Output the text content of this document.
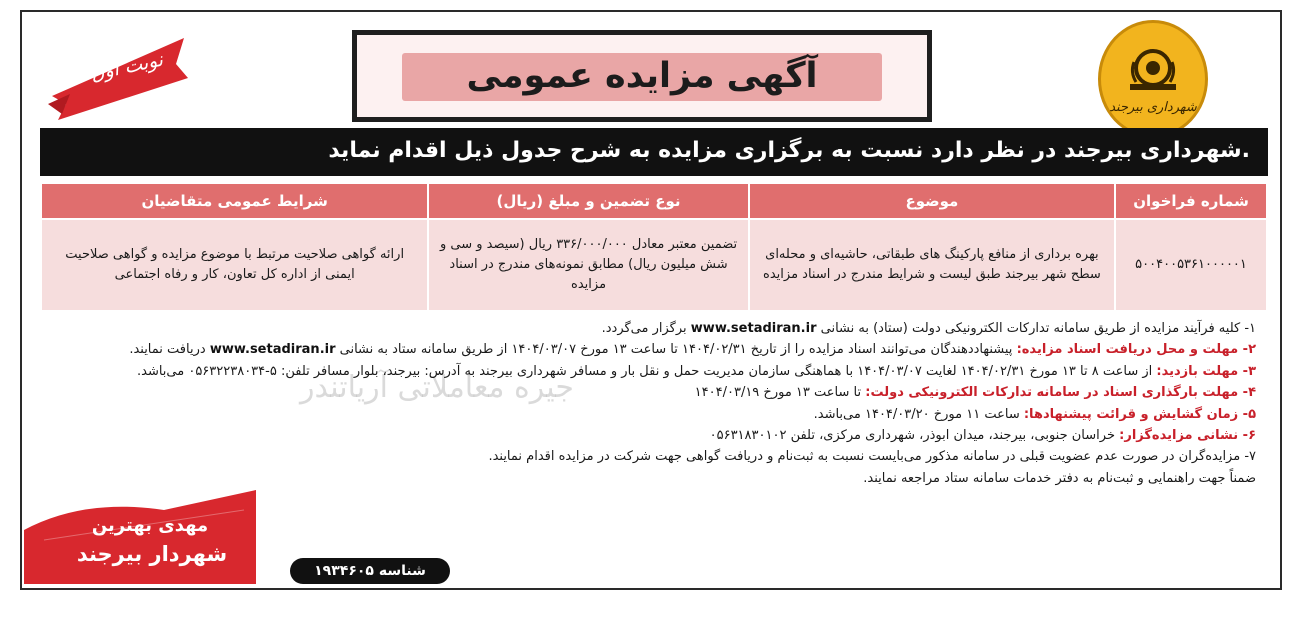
شهرداری بیرجند
آگهی مزایده عمومی
نوبت اول
شهرداری بیرجند در نظر دارد نسبت به برگزاری مزایده به شرح جدول ذیل اقدام نماید.
شماره فراخوان	موضوع	نوع تضمین و مبلغ (ریال)	شرایط عمومی متقاضیان
۵۰۰۴۰۰۵۳۶۱۰۰۰۰۰۱	بهره برداری از منافع پارکینگ های طبقاتی، حاشیه‌ای و محله‌ای سطح شهر بیرجند طبق لیست و شرایط مندرج در اسناد مزایده	تضمین معتبر معادل ۳۳۶/۰۰۰/۰۰۰ ریال (سیصد و سی و شش میلیون ریال) مطابق نمونه‌های مندرج در اسناد مزایده	ارائه گواهی صلاحیت مرتبط با موضوع مزایده و گواهی صلاحیت ایمنی از اداره کل تعاون، کار و رفاه اجتماعی
جیره معاملاتی آریاتندر

۱- کلیه فرآیند مزایده از طریق سامانه تدارکات الکترونیکی دولت (ستاد) به نشانی www.setadiran.ir برگزار می‌گردد.

۲- مهلت و محل دریافت اسناد مزایده: پیشنهاددهندگان می‌توانند اسناد مزایده را از تاریخ ۱۴۰۴/۰۲/۳۱ تا ساعت ۱۳ مورخ ۱۴۰۴/۰۳/۰۷ از طریق سامانه ستاد به نشانی www.setadiran.ir دریافت نمایند.

۳- مهلت بازدید: از ساعت ۸ تا ۱۳ مورخ ۱۴۰۴/۰۲/۳۱ لغایت ۱۴۰۴/۰۳/۰۷ با هماهنگی سازمان مدیریت حمل و نقل بار و مسافر شهرداری بیرجند به آدرس: بیرجند، بلوار مسافر تلفن: ۵-۰۵۶۳۲۲۳۸۰۳۴ می‌باشد.

۴- مهلت بارگذاری اسناد در سامانه تدارکات الکترونیکی دولت: تا ساعت ۱۳ مورخ ۱۴۰۴/۰۳/۱۹

۵- زمان گشایش و قرائت پیشنهادها: ساعت ۱۱ مورخ ۱۴۰۴/۰۳/۲۰ می‌باشد.

۶- نشانی مزایده‌گزار: خراسان جنوبی، بیرجند، میدان ابوذر، شهرداری مرکزی، تلفن ۰۵۶۳۱۸۳۰۱۰۲

۷- مزایده‌گران در صورت عدم عضویت قبلی در سامانه مذکور می‌بایست نسبت به ثبت‌نام و دریافت گواهی جهت شرکت در مزایده اقدام نمایند.

ضمناً جهت راهنمایی و ثبت‌نام به دفتر خدمات سامانه ستاد مراجعه نمایند.

مهدی بهترین
شهردار بیرجند
شناسه ۱۹۳۴۶۰۵
